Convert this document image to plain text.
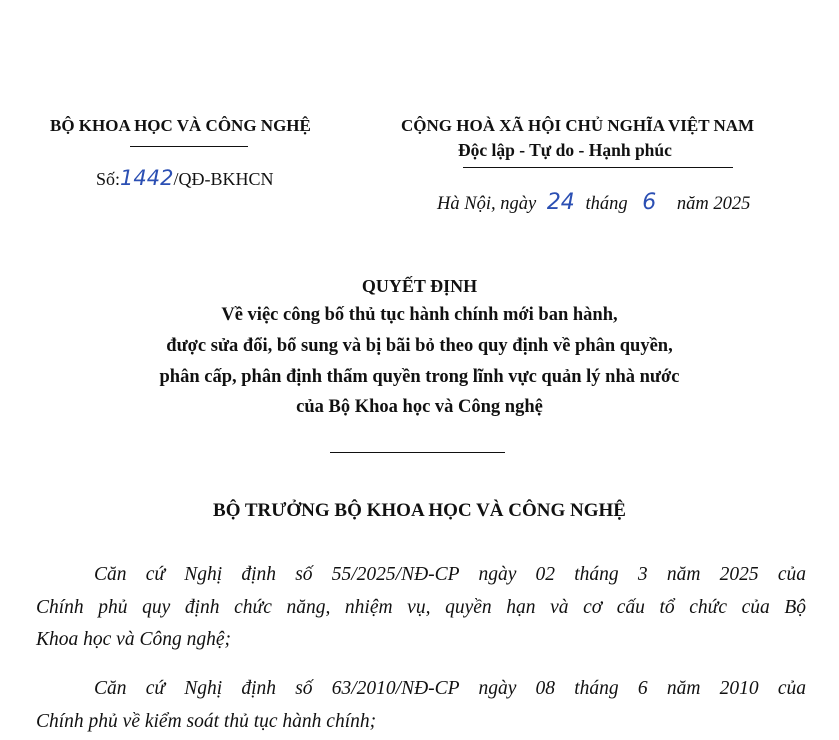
BỘ KHOA HỌC VÀ CÔNG NGHỆ
Số:1442/QĐ-BKHCN
CỘNG HOÀ XÃ HỘI CHỦ NGHĨA VIỆT NAM
Độc lập - Tự do - Hạnh phúc
Hà Nội, ngày 24 tháng 6 năm 2025
QUYẾT ĐỊNH
Về việc công bố thủ tục hành chính mới ban hành,
được sửa đổi, bổ sung và bị bãi bỏ theo quy định về phân quyền,
phân cấp, phân định thẩm quyền trong lĩnh vực quản lý nhà nước
của Bộ Khoa học và Công nghệ
BỘ TRƯỞNG BỘ KHOA HỌC VÀ CÔNG NGHỆ
Căn cứ Nghị định số 55/2025/NĐ-CP ngày 02 tháng 3 năm 2025 của
Chính phủ quy định chức năng, nhiệm vụ, quyền hạn và cơ cấu tổ chức của Bộ
Khoa học và Công nghệ;
Căn cứ Nghị định số 63/2010/NĐ-CP ngày 08 tháng 6 năm 2010 của
Chính phủ về kiểm soát thủ tục hành chính;
